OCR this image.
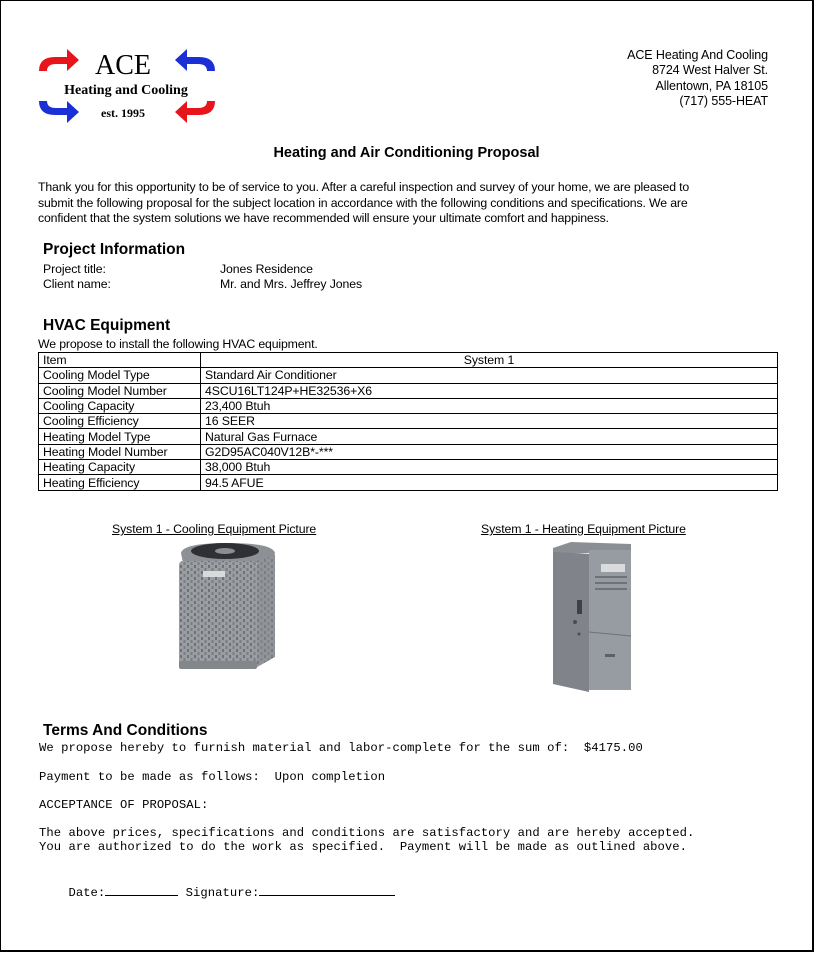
ACE
Heating and Cooling
est. 1995
ACE Heating And Cooling
8724 West Halver St.
Allentown, PA 18105
(717) 555-HEAT
Heating and Air Conditioning Proposal
Thank you for this opportunity to be of service to you. After a careful inspection and survey of your home, we are pleased to
submit the following proposal for the subject location in accordance with the following conditions and specifications. We are
confident that the system solutions we have recommended will ensure your ultimate comfort and happiness.
Project Information
Project title:	Jones Residence
Client name:	Mr. and Mrs. Jeffrey Jones
HVAC Equipment
We propose to install the following HVAC equipment.
Item	System 1
Cooling Model Type	Standard Air Conditioner
Cooling Model Number	4SCU16LT124P+HE32536+X6
Cooling Capacity	23,400 Btuh
Cooling Efficiency	16 SEER
Heating Model Type	Natural Gas Furnace
Heating Model Number	G2D95AC040V12B*-***
Heating Capacity	38,000 Btuh
Heating Efficiency	94.5 AFUE
System 1 - Cooling Equipment Picture	System 1 - Heating Equipment Picture
Terms And Conditions
We propose hereby to furnish material and labor-complete for the sum of:  $4175.00
Payment to be made as follows:  Upon completion
ACCEPTANCE OF PROPOSAL:
The above prices, specifications and conditions are satisfactory and are hereby accepted.
You are authorized to do the work as specified.  Payment will be made as outlined above.

Date:	Signature:
